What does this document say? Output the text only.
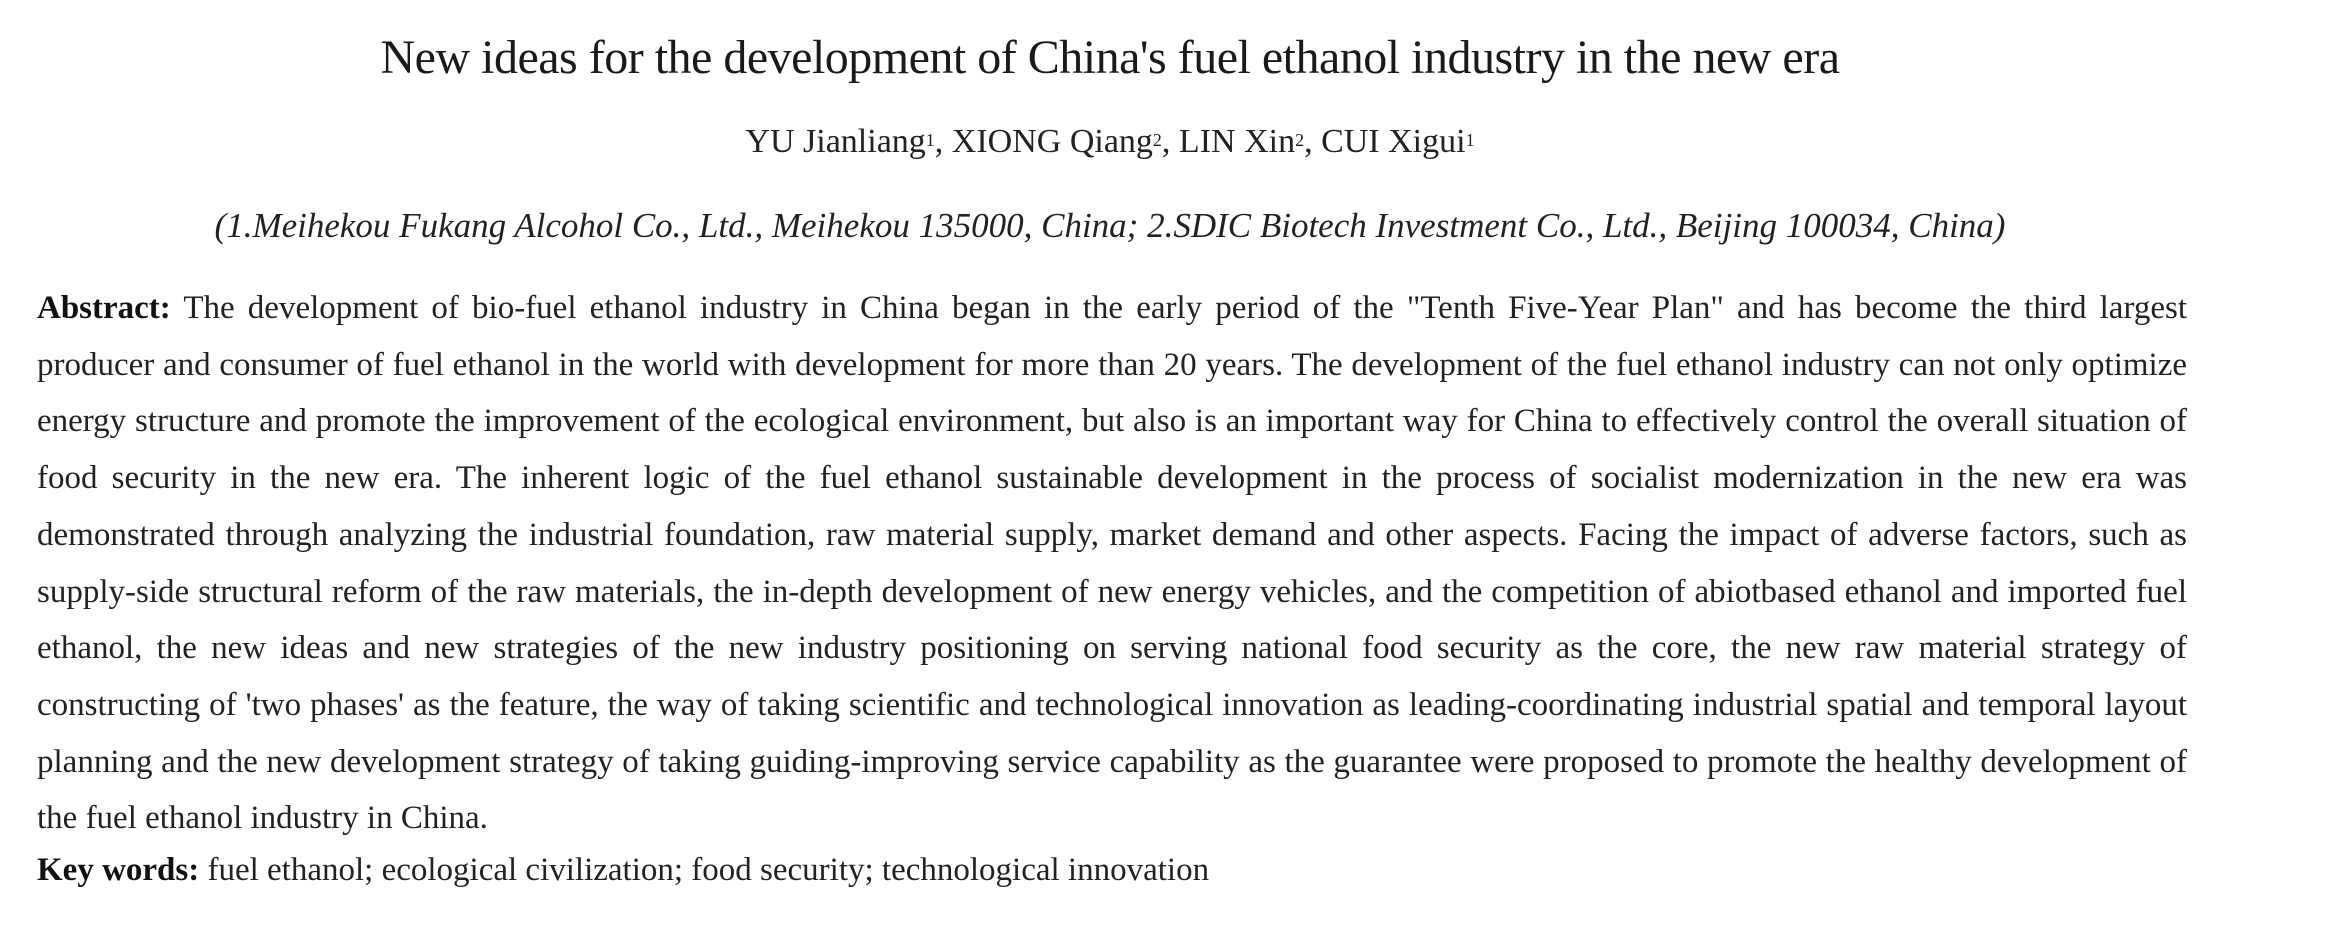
New ideas for the development of China's fuel ethanol industry in the new era
YU Jianliang$^1$, XIONG Qiang$^2$, LIN Xin$^2$, CUI Xigui$^1$
(1.Meihekou Fukang Alcohol Co., Ltd., Meihekou 135000, China; 2.SDIC Biotech Investment Co., Ltd., Beijing 100034, China)

Abstract: The development of bio-fuel ethanol industry in China began in the early period of the "Tenth Five-Year Plan" and has become the third largest producer and consumer of fuel ethanol in the world with development for more than 20 years. The development of the fuel ethanol industry can not only optimize energy structure and promote the improvement of the ecological environment, but also is an important way for China to effectively control the overall situation of food security in the new era. The inherent logic of the fuel ethanol sustainable development in the process of socialist modernization in the new era was demonstrated through analyzing the industrial foundation, raw material supply, market demand and other aspects. Facing the impact of adverse factors, such as supply-side structural reform of the raw materials, the in-depth development of new energy vehicles, and the competition of abiotbased ethanol and imported fuel ethanol, the new ideas and new strategies of the new industry positioning on serving national food security as the core, the new raw material strategy of constructing of 'two phases' as the feature, the way of taking scientific and technological innovation as leading-coordinating industrial spatial and temporal layout planning and the new development strategy of taking guiding-improving service capability as the guarantee were proposed to promote the healthy development of the fuel ethanol industry in China.

Key words: fuel ethanol; ecological civilization; food security; technological innovation
